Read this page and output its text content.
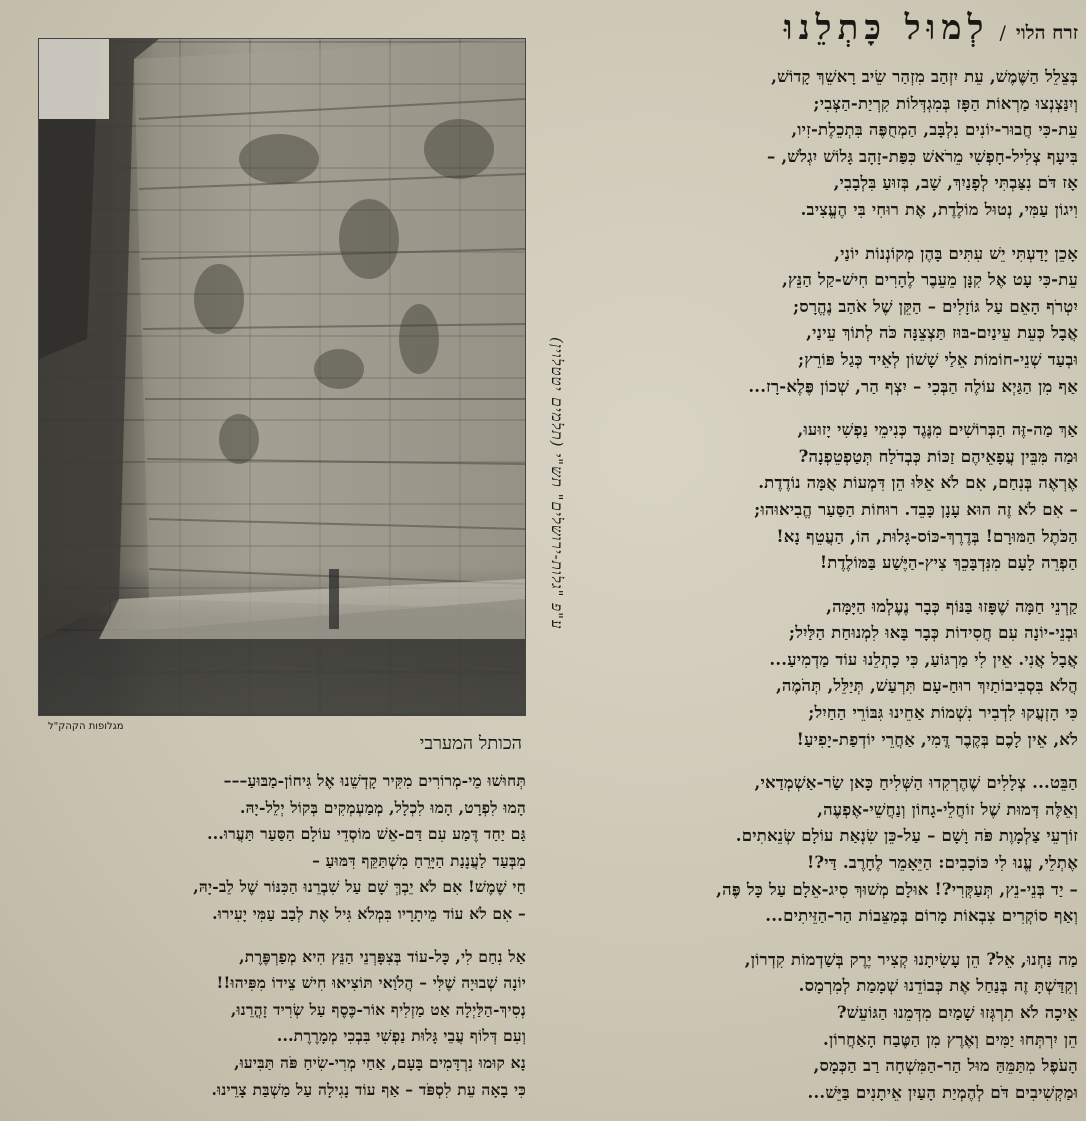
זרח הלוי
/
לְמוּל כָּתְלֵנוּ
בְּצֵלֵל הַשֶּׁמֶשׁ, עֵת יִזְהַב מִזְהַר שֵׂיב רָאשֵׁךְ קָדוֹשׁ,
וְיִנַּצְנְצוּ מַרְאוֹת הַפָּז בְּמִגְדְּלוֹת קִרְיַת-הַצְּבִי;
עֵת-כִּי חֲבוּר-יוֹנִים נִלְבָּב, הַמְחֻפֶּה בִּתְכֵלֶת-זִיו,
בִּיעָף צְלִיל-חָפְשִׁי מֵרֹאשׁ כִּפַּת-זָהָב גָּלוֹשׁ יִגְלֹשׁ, –
אָז דֹּם נִצַּבְתִּי לְפָנַיִךְ, שָׁב, בְּזוּעַ בִּלְבָבִי,
וִיגוֹן עַמִּי, נְטוּל מוֹלֶדֶת, אֶת רוּחִי בִּי הֶעֱצִיב.
אָכֵן יָדַעְתִּי יֵשׁ עִתִּים בָּהֶן מְקוֹנְנוֹת יוֹנַי,
עֵת-כִּי עָט אֶל קִנָּן מֵעֵבֶר לֶהָרִים חִישׁ-קַל הַנֵּץ,
יִטְרֹף הָאֵם עַל גּוֹזָלִים – הַקֵּן שֶׁל אֹהַב נֶהֱרָס;
אֲבָל כְּעֵת עֵינַיִם-בּוּז תַּצְצֵנָּה כֹּה לְתוֹךְ עֵינַי,
וּבְעַד שְׁנֵי-חוֹמוֹת אֵלַי שָׁשׁוֹן לְאֵיד כְּגַל פּוֹרֵץ;
אַף מִן הַגַּיְא עוֹלֶה הַבְּכִי – יִצְף הַר, שְׁכוֹן פֶּלֶא-רָז...
אַךְ מַה-זֶּה הַבְּרוֹשִׁים מִנֶּגֶד כְּנִימֵי נַפְשִׁי יָזוּעוּ,
וּמַה מִּבֵּין עֲפָאֵיהֶם זַכּוֹת כְּבְדֹלַח תְּטַפְטֵפְנָה?
אֶרְאֶה בְּנִחַם, אִם לֹא אֵלּוּ הֵן דִּמְעוֹת אֻמָּה נוֹדֶדֶת.
– אִם לֹא זֶה הוּא עָנָן כָּבֵד. רוּחוֹת הַסַּעַר הֱבִיאוּהוּ;
הַכֹּתֶל הַמּוּרָם! בְּדֶרֶךְ-כּוֹס-גָּלוּת, הוֹ, הַעֲטֵף נָא!
הַפְרֵה לָעָם מִנִּדְבָּכֵךְ צִיץ-הַיֶּשַׁע בַּמּוֹלֶדֶת!
קַרְנֵי חַמָּה שֶׁפָּזוּ בַּנּוֹף כְּבָר נֶעֶלְמוּ הַיָּמָּה,
וּבְנֵי-יוֹנָה עִם חֲסִידוֹת כְּבָר בָּאוּ לִמְנוּחַת הַלַּיִל;
אֲבָל אֲנִי. אֵין לִי מַרְגּוֹעַ, כִּי כָתְלֵנוּ עוֹד מַדְמִיעַ...
הֲלֹא בִּסְבִיבוֹתַיִךְ רוּחַ-עָם תִּרְעַשׁ, תְּיַלֵּל, תְּהֹמֶה,
כִּי הָזְעֲקוּ לִדְבִיר נִשְׁמוֹת אַחֵינוּ גִּבּוֹרֵי הַחַיִל;
לֹא, אֵין לָכֶם בְּקֶבֶר דֳּמִי, אַחֲרֵי יוֹדְפַת-יָפִיעַ!
הַבֵּט... צְלָלִים שֶׁהֶרְקִדוּ הַשְּׁלִיחַ כָּאן שַׂר-אַשְׁמְדַאי,
וְאֵלֶּה דְּמוּת שֶׁל זוֹחֲלֵי-גָחוֹן וְנַחֲשֵׁי-אֶפְעֶה,
זוֹרְעֵי צַלְמָוֶת פֹּה וָשָׁם – עַל-כֵּן שִׂנְאַת עוֹלָם שְׂנֵאתִים.
אֶתְלֵי, עֱנוּ לִי כּוֹכָבִים: הַיֵּאָמֵר לֶחָרֶב. דַּי?!
– יַד בְּנֵי-נֵץ, תְּעַקְּרִי?! אוּלָם מְשׁוּךְ סִיג-אֵלָם עַל כָּל פֶּה,
וְאַף סוֹקְרִים צִבְאוֹת מָרוֹם בְּמַצֵּבוֹת הַר-הַזֵּיתִים...
מַה נַּחְנוּ, אֵל? הֵן עָשִׂיתָנוּ קְצִיר יֶרֶק בְּשַׁדְמוֹת קִדְרוֹן,
וְקִדַּשְׁתָּ זֶה בְּנַחַל אֶת כְּבוֹדֵנוּ שְׁמָמַת לְמִרְמָס.
אֵיכָה לֹא תִרְגְּזוּ שָׁמַיִם מִדְּמֵנוּ הַגּוֹעֵשׁ?
הֵן יִרְתְּחוּ יַמִּים וְאֶרֶץ מִן הַטֶּבַח הָאַחֲרוֹן.
הָעֹפֶל מִתַּמֵּהַּ מוּל הַר-הַמִּשְׁחָה רַב הַכְּמָס,
וּמַקְשִׁיבִים דֹּם לְהֶמְיַת הָעַיִן אֵיתָנִים בַּיֵּשׁ...
מגלופות הקהק"ל
ע"פ "גלות-ירושלים" תש"י (תלמים יטטלוין)
הכותל המערבי
תְּחוּשׁוּ מֵי-מְרוֹרִים מִקִּיר קָדְשֵׁנוּ אֶל גִּיחוֹן-מַבּוּעַ–––
הָמוּ לִפְרָט, הָמוּ לִכְלָל, מְמַעְמְקִים בְּקוֹל יְלֵל-יָהּ.
גַּם יַחַד דֶּמַע עִם דַּם-אֵשׁ מוֹסְדֵי עוֹלָם הַסַּעַר תַּעֲרוּ...
מִבְּעַד לַעֲנָנַת הַיָּרֵחַ מִשְׁתַּקֵּף דִּמּוּעַ –
חַי שֶׁמֶשׁ! אִם לֹא יֵבְךְּ שָׁם עַל שִׁבְרֵנוּ הַכִּנּוֹר שֶׁל לֵב-יָהּ,
– אִם לֹא עוֹד מֵיתָרָיו בִּמְלֹא גִּיל אֶת לְבַב עַמִּי יָעִירוּ.
אַל נִחַם לִי, כָּל-עוֹד בְּצִפָּרְנֵי הַנֵּץ הִיא מְפַרְפֶּרֶת,
יוֹנָה שְׁבוּיָה שֶׁלִּי – הֲלֹוַאי תּוֹצִיאוּ חִישׁ צֵידוֹ מִפִּיהוּ!!
נְסִיךְ-הַלַּיְלָה אַט מַזְלִיף אוֹר-כֶּסֶף עַל שְׂרִיד זָהֳרֵנוּ,
וְעִם דְּלוֹף עֲבֵי גָּלוּת נַפְשִׁי בִּבְכִי מְמָרֶרֶת...
נָא קוּמוּ נִרְדָּמִים בָּעָם, אַחַי מְרִי-שִׂיחַ פֹּה תַּבִּיעוּ,
כִּי בָאָה עֵת לִסְפֹּד – אַף עוֹד נָגִילָה עַל מַשְׁבַּת צָרֵינוּ.
